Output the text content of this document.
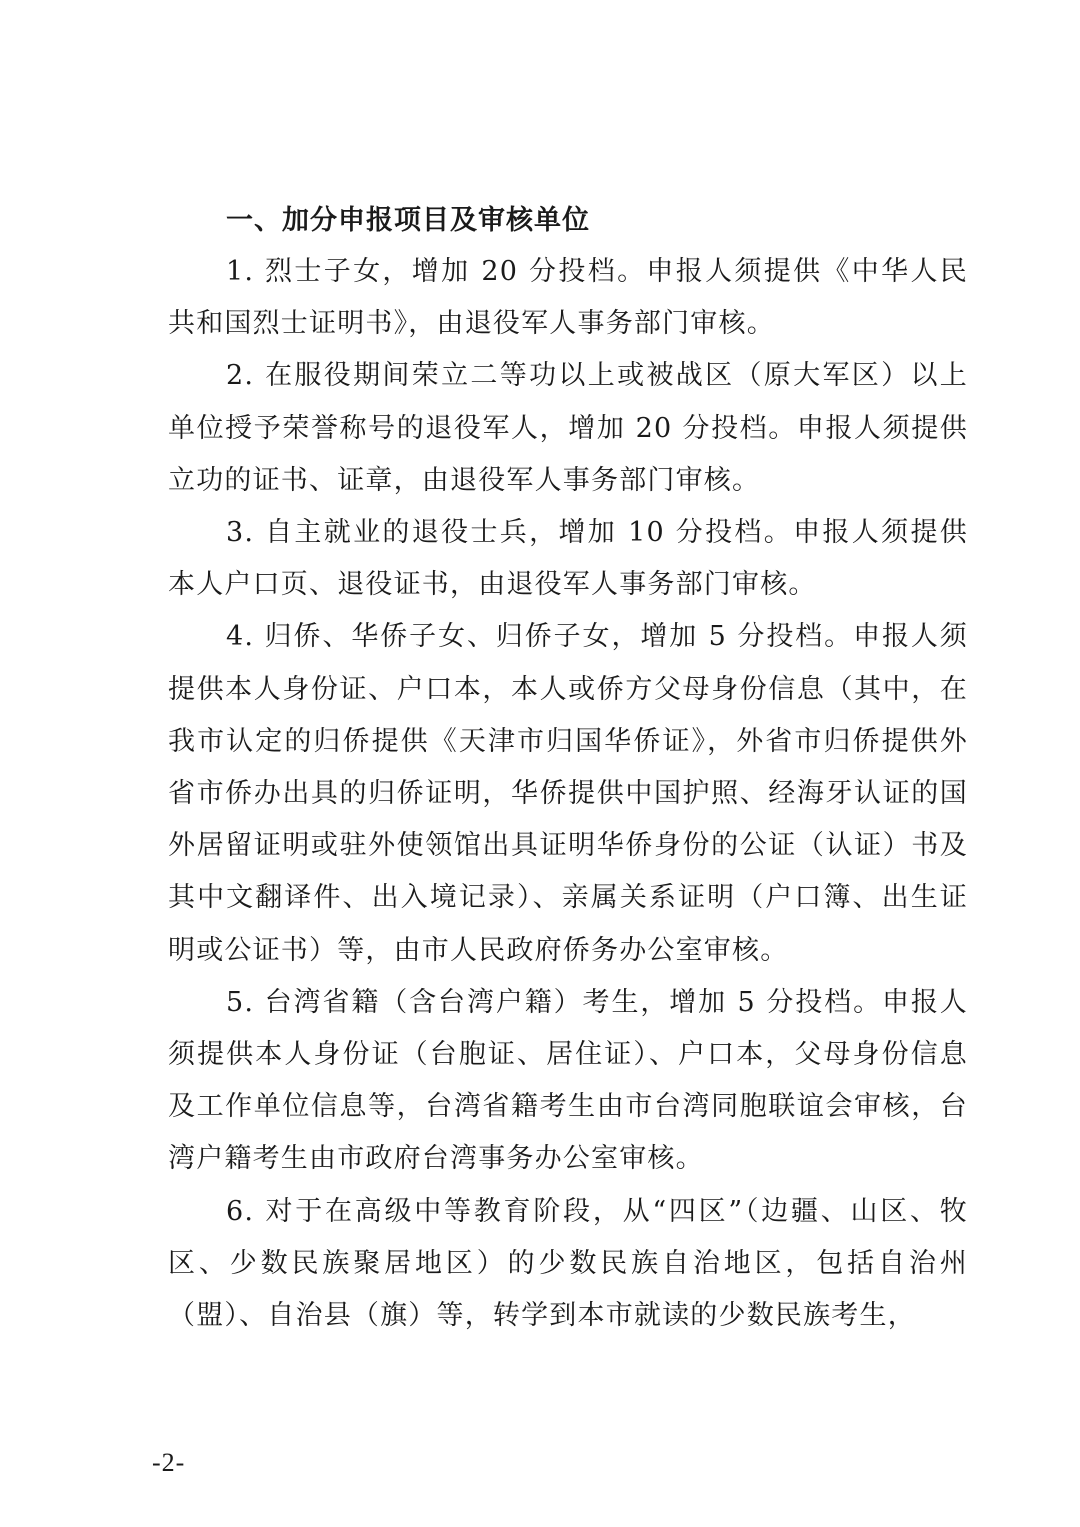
一、加分申报项目及审核单位

1. 烈士子女，增加 20 分投档。申报人须提供《中华人民共和国烈士证明书》，由退役军人事务部门审核。

2. 在服役期间荣立二等功以上或被战区（原大军区）以上单位授予荣誉称号的退役军人，增加 20 分投档。申报人须提供立功的证书、证章，由退役军人事务部门审核。

3. 自主就业的退役士兵，增加 10 分投档。申报人须提供本人户口页、退役证书，由退役军人事务部门审核。

4. 归侨、华侨子女、归侨子女，增加 5 分投档。申报人须提供本人身份证、户口本，本人或侨方父母身份信息（其中，在我市认定的归侨提供《天津市归国华侨证》，外省市归侨提供外省市侨办出具的归侨证明，华侨提供中国护照、经海牙认证的国外居留证明或驻外使领馆出具证明华侨身份的公证（认证）书及其中文翻译件、出入境记录）、亲属关系证明（户口簿、出生证明或公证书）等，由市人民政府侨务办公室审核。

5. 台湾省籍（含台湾户籍）考生，增加 5 分投档。申报人须提供本人身份证（台胞证、居住证）、户口本，父母身份信息及工作单位信息等，台湾省籍考生由市台湾同胞联谊会审核，台湾户籍考生由市政府台湾事务办公室审核。

6. 对于在高级中等教育阶段，从“四区”（边疆、山区、牧区、少数民族聚居地区）的少数民族自治地区，包括自治州（盟）、自治县（旗）等，转学到本市就读的少数民族考生，

-2-
